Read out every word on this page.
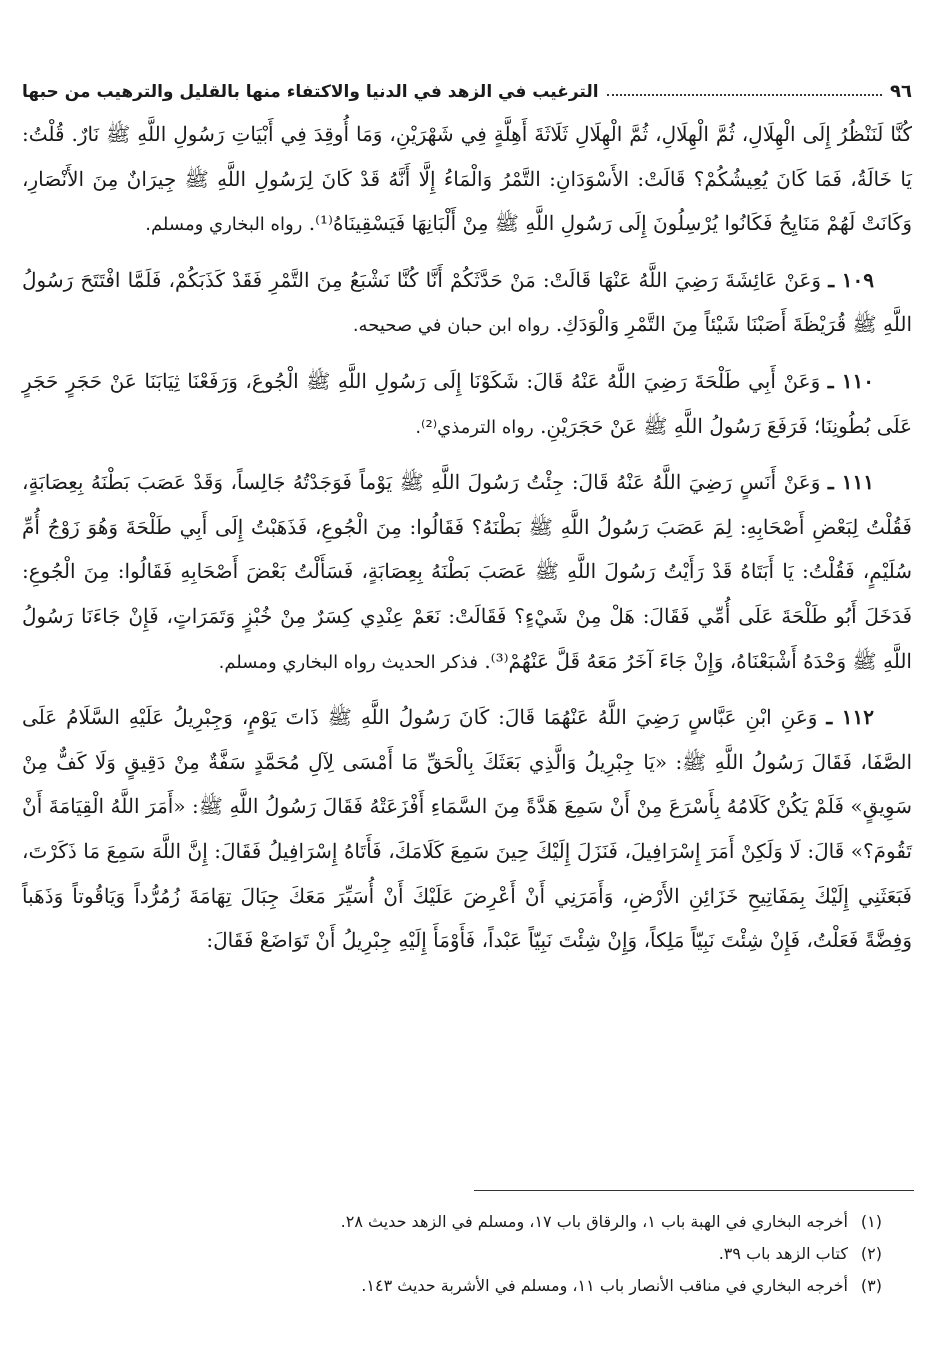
٩٦
الترغيب في الزهد في الدنيا والاكتفاء منها بالقليل والترهيب من حبها

كُنَّا لَنَنْظُرُ إِلَى الْهِلَالِ، ثُمَّ الْهِلَالِ، ثُمَّ الْهِلَالِ ثَلَاثَةَ أَهِلَّةٍ فِي شَهْرَيْنِ، وَمَا أُوقِدَ فِي أَبْيَاتِ رَسُولِ اللَّهِ ﷺ نَارٌ. قُلْتُ: يَا خَالَةُ، فَمَا كَانَ يُعِيشُكُمْ؟ قَالَتْ: الأَسْوَدَانِ: التَّمْرُ وَالْمَاءُ إِلَّا أَنَّهُ قَدْ كَانَ لِرَسُولِ اللَّهِ ﷺ جِيرَانٌ مِنَ الأَنْصَارِ، وَكَانَتْ لَهُمْ مَنَايِحُ فَكَانُوا يُرْسِلُونَ إِلَى رَسُولِ اللَّهِ ﷺ مِنْ أَلْبَانِهَا فَيَسْقِينَاهُ⁽¹⁾. رواه البخاري ومسلم.

١٠٩ ـ وَعَنْ عَائِشَةَ رَضِيَ اللَّهُ عَنْهَا قَالَتْ: مَنْ حَدَّثَكُمْ أَنَّا كُنَّا نَشْبَعُ مِنَ التَّمْرِ فَقَدْ كَذَبَكُمْ، فَلَمَّا افْتَتَحَ رَسُولُ اللَّهِ ﷺ قُرَيْظَةَ أَصَبْنَا شَيْئاً مِنَ التَّمْرِ وَالْوَدَكِ. رواه ابن حبان في صحيحه.

١١٠ ـ وَعَنْ أَبِي طَلْحَةَ رَضِيَ اللَّهُ عَنْهُ قَالَ: شَكَوْنَا إِلَى رَسُولِ اللَّهِ ﷺ الْجُوعَ، وَرَفَعْنَا ثِيَابَنَا عَنْ حَجَرٍ حَجَرٍ عَلَى بُطُونِنَا؛ فَرَفَعَ رَسُولُ اللَّهِ ﷺ عَنْ حَجَرَيْنِ. رواه الترمذي⁽²⁾.

١١١ ـ وَعَنْ أَنَسٍ رَضِيَ اللَّهُ عَنْهُ قَالَ: جِئْتُ رَسُولَ اللَّهِ ﷺ يَوْماً فَوَجَدْتُهُ جَالِساً، وَقَدْ عَصَبَ بَطْنَهُ بِعِصَابَةٍ، فَقُلْتُ لِبَعْضِ أَصْحَابِهِ: لِمَ عَصَبَ رَسُولُ اللَّهِ ﷺ بَطْنَهُ؟ فَقَالُوا: مِنَ الْجُوعِ، فَذَهَبْتُ إِلَى أَبِي طَلْحَةَ وَهُوَ زَوْجُ أُمِّ سُلَيْمٍ، فَقُلْتُ: يَا أَبَتَاهُ قَدْ رَأَيْتُ رَسُولَ اللَّهِ ﷺ عَصَبَ بَطْنَهُ بِعِصَابَةٍ، فَسَأَلْتُ بَعْضَ أَصْحَابِهِ فَقَالُوا: مِنَ الْجُوعِ: فَدَخَلَ أَبُو طَلْحَةَ عَلَى أُمِّي فَقَالَ: هَلْ مِنْ شَيْءٍ؟ فَقَالَتْ: نَعَمْ عِنْدِي كِسَرٌ مِنْ خُبْزٍ وَتَمَرَاتٍ، فَإِنْ جَاءَنَا رَسُولُ اللَّهِ ﷺ وَحْدَهُ أَشْبَعْنَاهُ، وَإِنْ جَاءَ آخَرُ مَعَهُ قَلَّ عَنْهُمْ⁽³⁾. فذكر الحديث رواه البخاري ومسلم.

١١٢ ـ وَعَنِ ابْنِ عَبَّاسٍ رَضِيَ اللَّهُ عَنْهُمَا قَالَ: كَانَ رَسُولُ اللَّهِ ﷺ ذَاتَ يَوْمٍ، وَجِبْرِيلُ عَلَيْهِ السَّلَامُ عَلَى الصَّفَا، فَقَالَ رَسُولُ اللَّهِ ﷺ: «يَا جِبْرِيلُ وَالَّذِي بَعَثَكَ بِالْحَقِّ مَا أَمْسَى لِآلِ مُحَمَّدٍ سَفَّةٌ مِنْ دَقِيقٍ وَلَا كَفٌّ مِنْ سَوِيقٍ» فَلَمْ يَكُنْ كَلَامُهُ بِأَسْرَعَ مِنْ أَنْ سَمِعَ هَدَّةً مِنَ السَّمَاءِ أَفْزَعَتْهُ فَقَالَ رَسُولُ اللَّهِ ﷺ: «أَمَرَ اللَّهُ الْقِيَامَةَ أَنْ تَقُومَ؟» قَالَ: لَا وَلَكِنْ أَمَرَ إِسْرَافِيلَ، فَنَزَلَ إِلَيْكَ حِينَ سَمِعَ كَلَامَكَ، فَأَتَاهُ إِسْرَافِيلُ فَقَالَ: إِنَّ اللَّهَ سَمِعَ مَا ذَكَرْتَ، فَبَعَثَنِي إِلَيْكَ بِمَفَاتِيحِ خَزَائِنِ الأَرْضِ، وَأَمَرَنِي أَنْ أَعْرِضَ عَلَيْكَ أَنْ أُسَيِّرَ مَعَكَ جِبَالَ تِهَامَةَ زُمُرُّداً وَيَاقُوتاً وَذَهَباً وَفِضَّةً فَعَلْتُ، فَإِنْ شِئْتَ نَبِيّاً مَلِكاً، وَإِنْ شِئْتَ نَبِيّاً عَبْداً، فَأَوْمَأَ إِلَيْهِ جِبْرِيلُ أَنْ تَوَاضَعْ فَقَالَ:

(١)
أخرجه البخاري في الهبة باب ١، والرقاق باب ١٧، ومسلم في الزهد حديث ٢٨.

(٢)
كتاب الزهد باب ٣٩.

(٣)
أخرجه البخاري في مناقب الأنصار باب ١١، ومسلم في الأشربة حديث ١٤٣.
